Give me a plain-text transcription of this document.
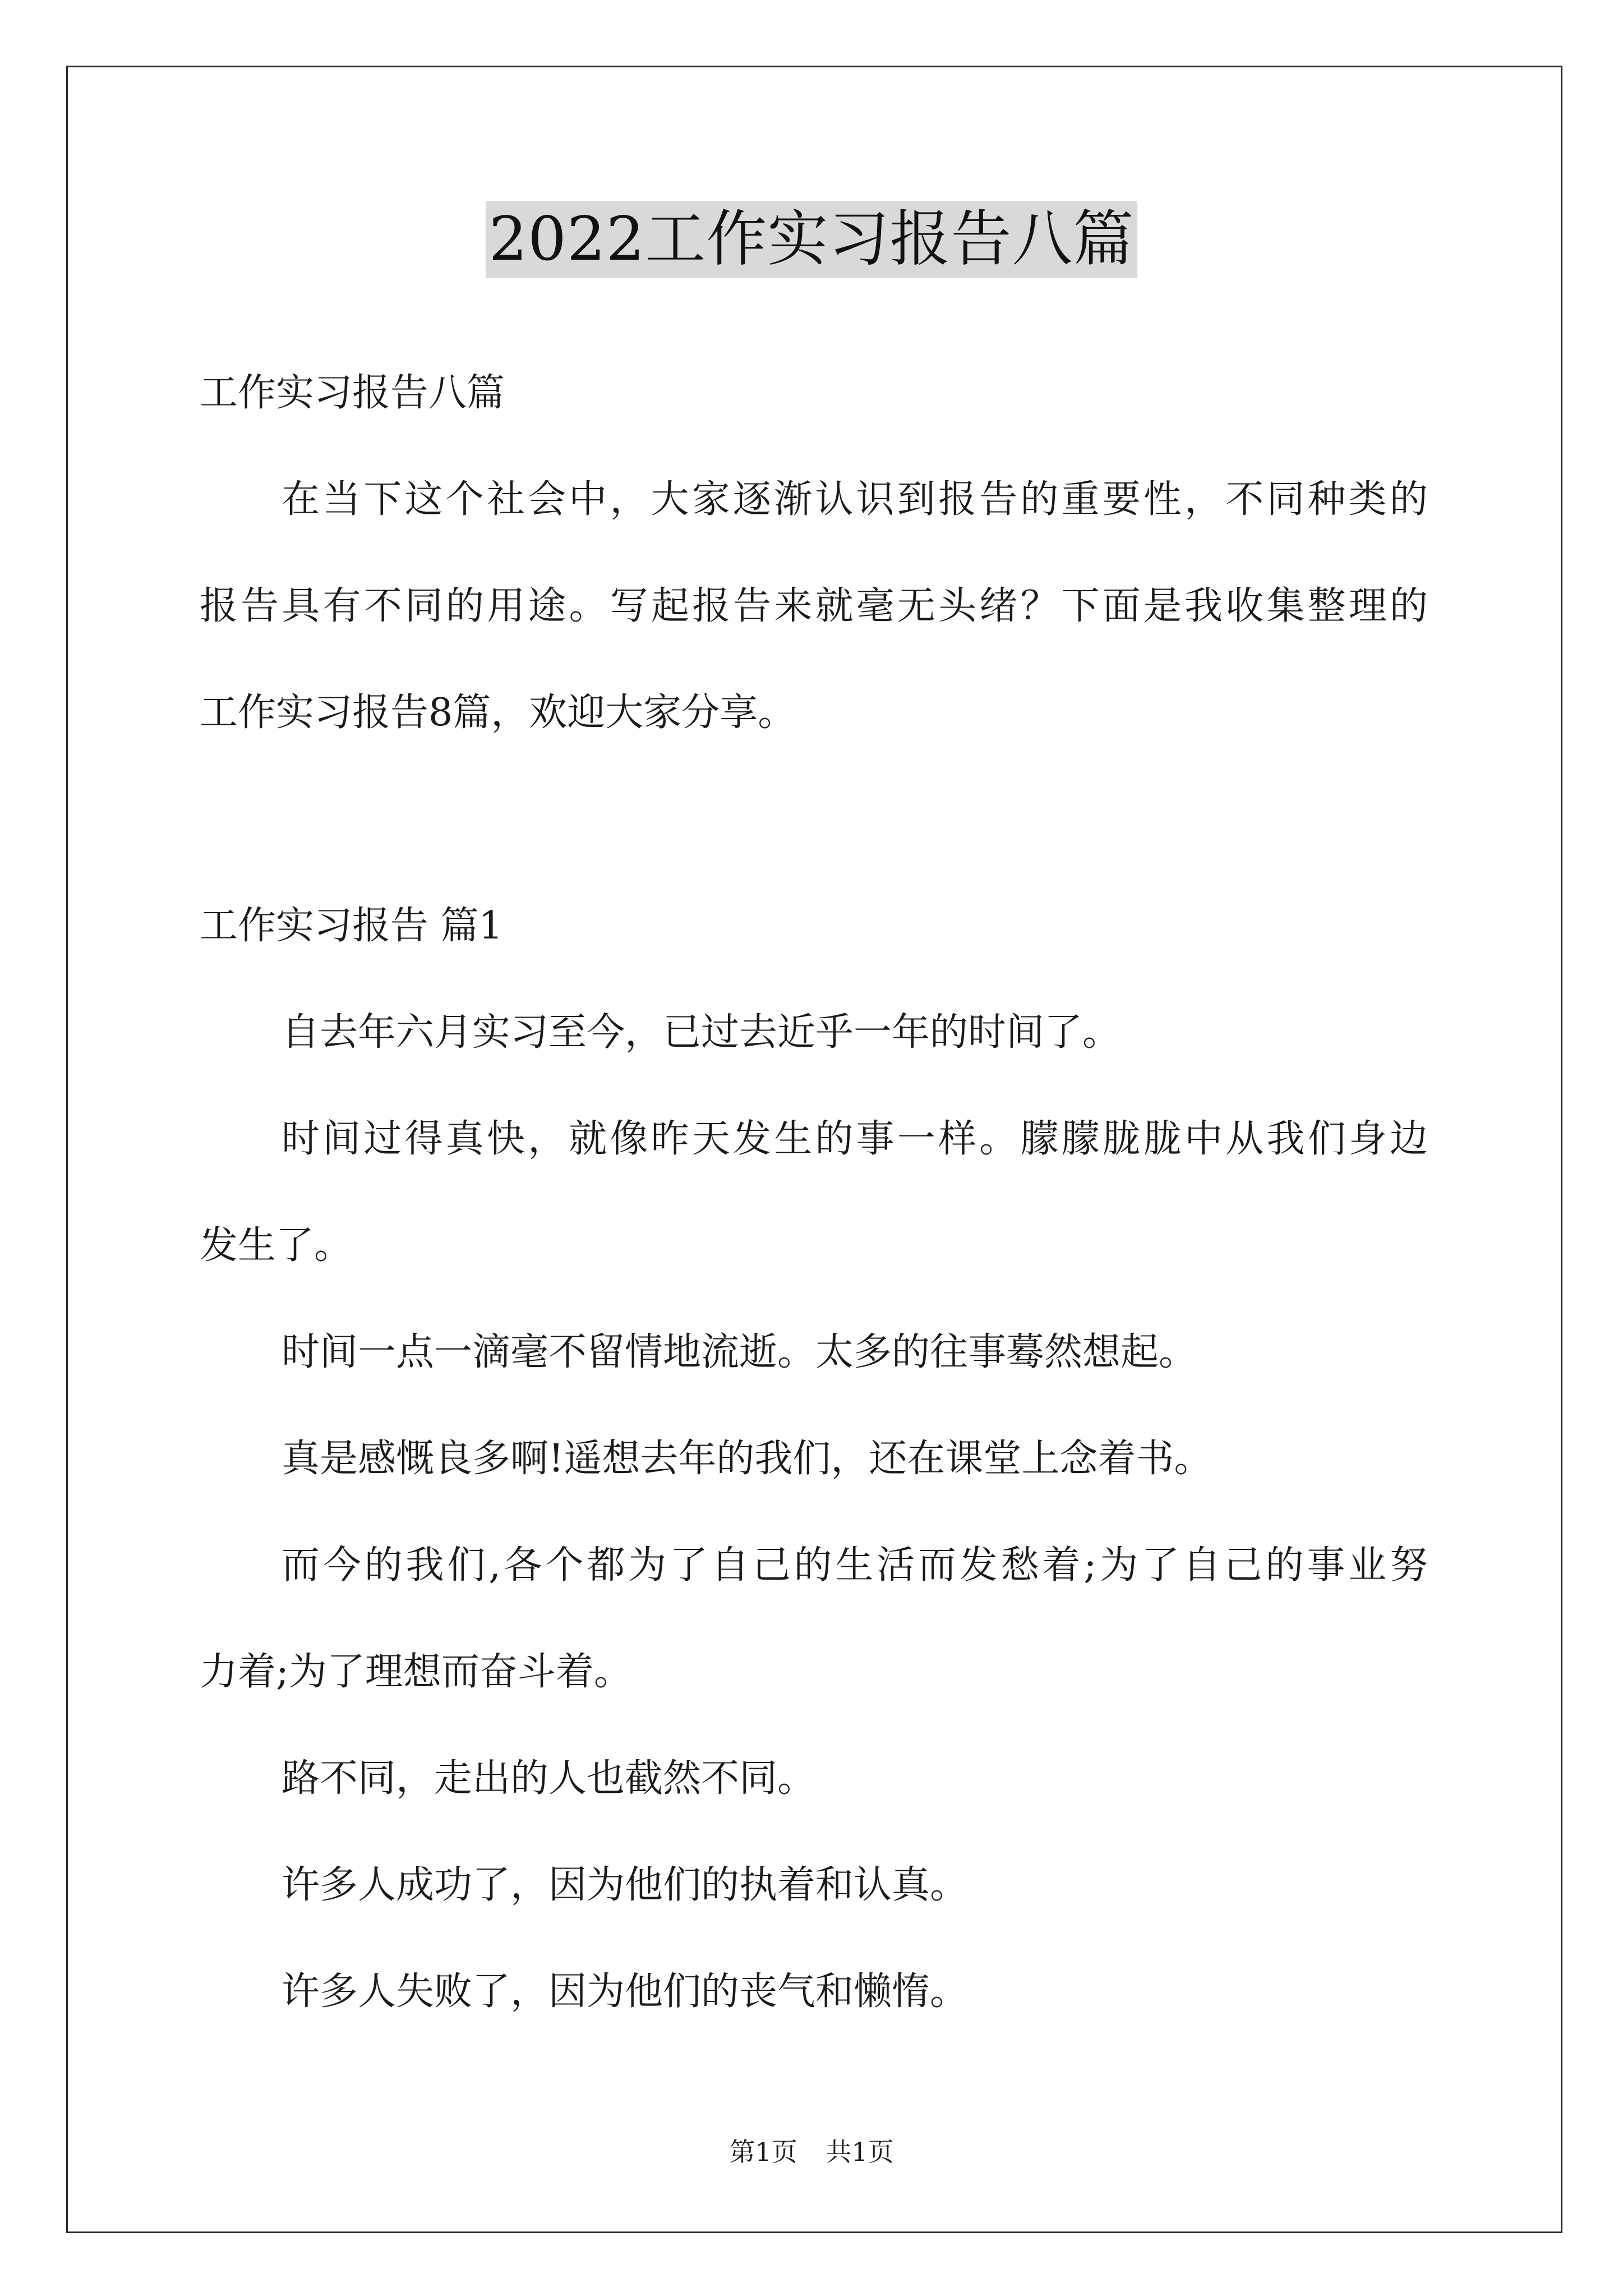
2022工作实习报告八篇
工作实习报告八篇
在当下这个社会中，大家逐渐认识到报告的重要性，不同种类的
报告具有不同的用途。写起报告来就毫无头绪？下面是我收集整理的
工作实习报告8篇，欢迎大家分享。
工作实习报告 篇1
自去年六月实习至今，已过去近乎一年的时间了。
时间过得真快，就像昨天发生的事一样。朦朦胧胧中从我们身边
发生了。
时间一点一滴毫不留情地流逝。太多的往事蓦然想起。
真是感慨良多啊!遥想去年的我们，还在课堂上念着书。
而今的我们,各个都为了自己的生活而发愁着;为了自己的事业努
力着;为了理想而奋斗着。
路不同，走出的人也截然不同。
许多人成功了，因为他们的执着和认真。
许多人失败了，因为他们的丧气和懒惰。
第1页 共1页
